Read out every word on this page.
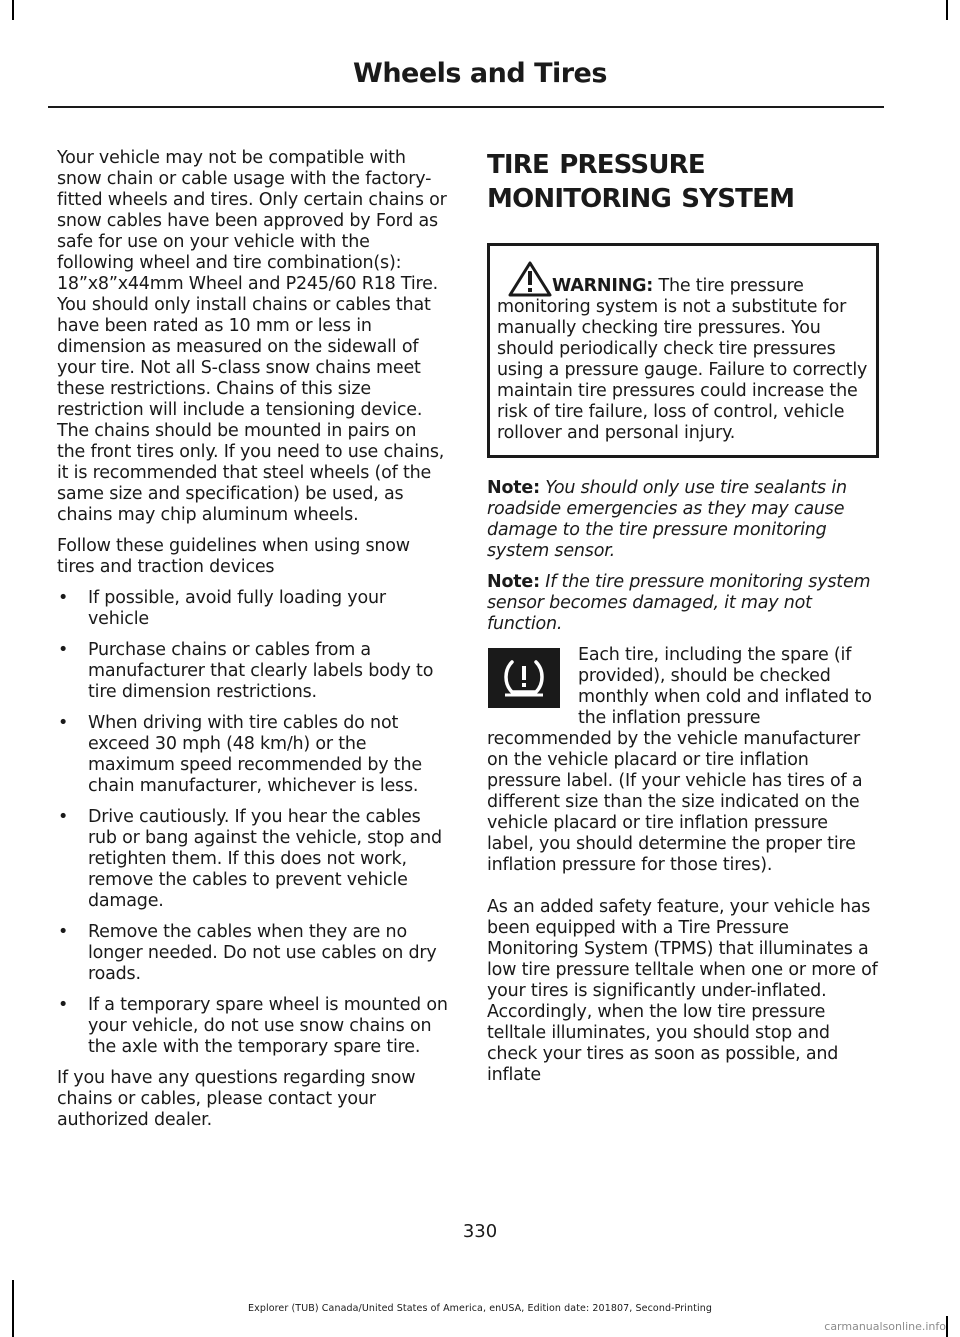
Wheels and Tires

Your vehicle may not be compatible with snow chain or cable usage with the factory-fitted wheels and tires. Only certain chains or snow cables have been approved by Ford as safe for use on your vehicle with the following wheel and tire combination(s): 18”x8”x44mm Wheel and P245/60 R18 Tire. You should only install chains or cables that have been rated as 10 mm or less in dimension as measured on the sidewall of your tire. Not all S-class snow chains meet these restrictions. Chains of this size restriction will include a tensioning device. The chains should be mounted in pairs on the front tires only. If you need to use chains, it is recommended that steel wheels (of the same size and specification) be used, as chains may chip aluminum wheels.

Follow these guidelines when using snow tires and traction devices

• If possible, avoid fully loading your vehicle
• Purchase chains or cables from a manufacturer that clearly labels body to tire dimension restrictions.
• When driving with tire cables do not exceed 30 mph (48 km/h) or the maximum speed recommended by the chain manufacturer, whichever is less.
• Drive cautiously. If you hear the cables rub or bang against the vehicle, stop and retighten them. If this does not work, remove the cables to prevent vehicle damage.
• Remove the cables when they are no longer needed. Do not use cables on dry roads.
• If a temporary spare wheel is mounted on your vehicle, do not use snow chains on the axle with the temporary spare tire.

If you have any questions regarding snow chains or cables, please contact your authorized dealer.

TIRE PRESSURE MONITORING SYSTEM
WARNING: The tire pressure monitoring system is not a substitute for manually checking tire pressures. You should periodically check tire pressures using a pressure gauge. Failure to correctly maintain tire pressures could increase the risk of tire failure, loss of control, vehicle rollover and personal injury.

Note: You should only use tire sealants in roadside emergencies as they may cause damage to the tire pressure monitoring system sensor.

Note: If the tire pressure monitoring system sensor becomes damaged, it may not function.

Each tire, including the spare (if provided), should be checked monthly when cold and inflated to the inflation pressure recommended by the vehicle manufacturer on the vehicle placard or tire inflation pressure label. (If your vehicle has tires of a different size than the size indicated on the vehicle placard or tire inflation pressure label, you should determine the proper tire inflation pressure for those tires).

As an added safety feature, your vehicle has been equipped with a Tire Pressure Monitoring System (TPMS) that illuminates a low tire pressure telltale when one or more of your tires is significantly under-inflated. Accordingly, when the low tire pressure telltale illuminates, you should stop and check your tires as soon as possible, and inflate

330
Explorer (TUB) Canada/United States of America, enUSA, Edition date: 201807, Second-Printing
carmanualsonline.info
